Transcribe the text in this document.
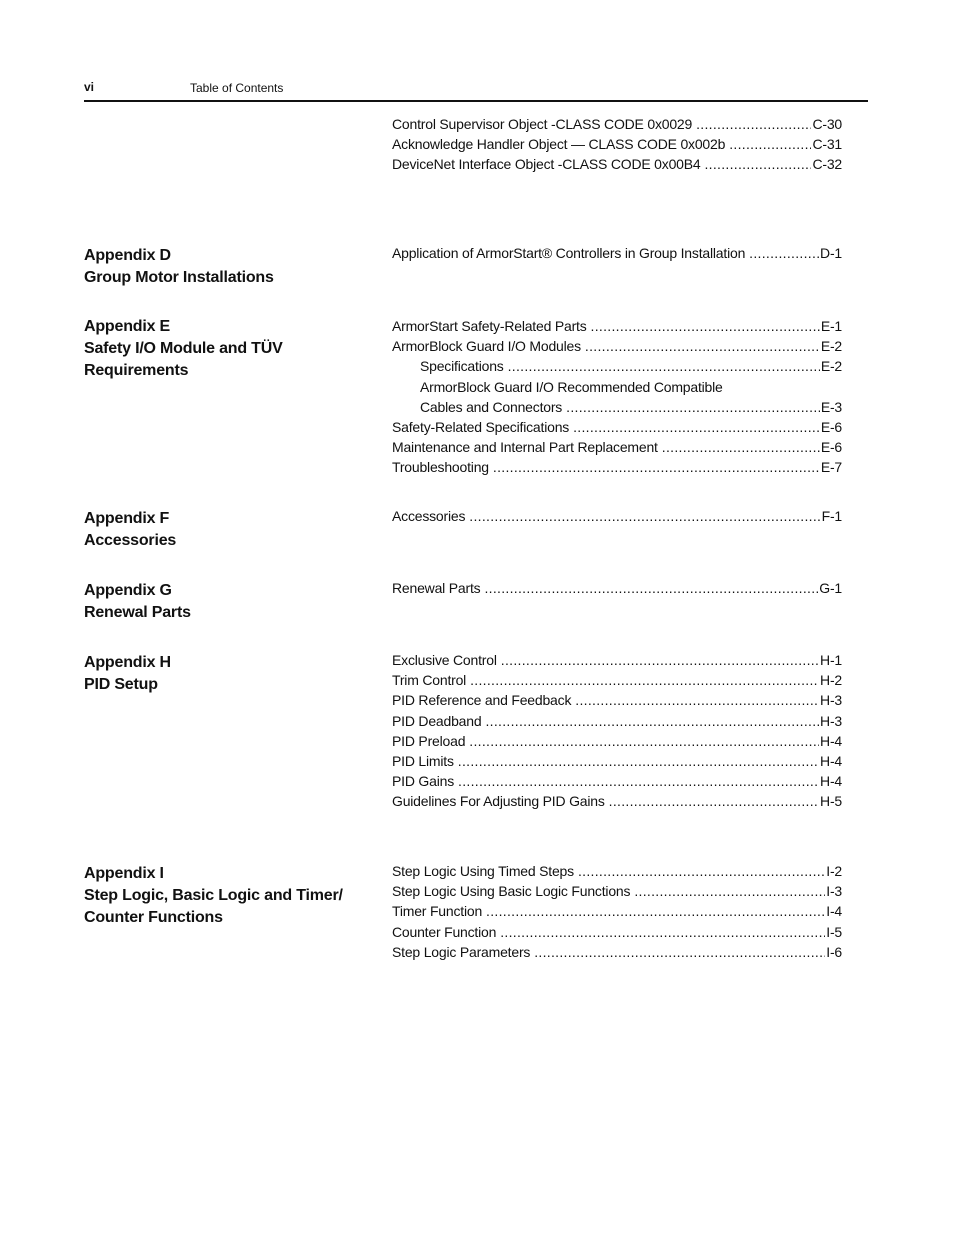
vi	Table of Contents
Control Supervisor Object -CLASS CODE 0x0029 .....	C-30
Acknowledge Handler Object — CLASS CODE 0x002b .....	C-31
DeviceNet Interface Object -CLASS CODE 0x00B4 .....	C-32
Appendix D
Group Motor Installations
Application of ArmorStart® Controllers in Group Installation .....	D-1
Appendix E
Safety I/O Module and TÜV
Requirements
ArmorStart Safety-Related Parts .....	E-1
ArmorBlock Guard I/O Modules .....	E-2
Specifications .....	E-2
ArmorBlock Guard I/O Recommended Compatible
Cables and Connectors .....	E-3
Safety-Related Specifications .....	E-6
Maintenance and Internal Part Replacement .....	E-6
Troubleshooting .....	E-7
Appendix F
Accessories
Accessories .....	F-1
Appendix G
Renewal Parts
Renewal Parts .....	G-1
Appendix H
PID Setup
Exclusive Control .....	H-1
Trim Control .....	H-2
PID Reference and Feedback .....	H-3
PID Deadband .....	H-3
PID Preload .....	H-4
PID Limits .....	H-4
PID Gains .....	H-4
Guidelines For Adjusting PID Gains .....	H-5
Appendix I
Step Logic, Basic Logic and Timer/
Counter Functions
Step Logic Using Timed Steps .....	I-2
Step Logic Using Basic Logic Functions .....	I-3
Timer Function .....	I-4
Counter Function .....	I-5
Step Logic Parameters .....	I-6
